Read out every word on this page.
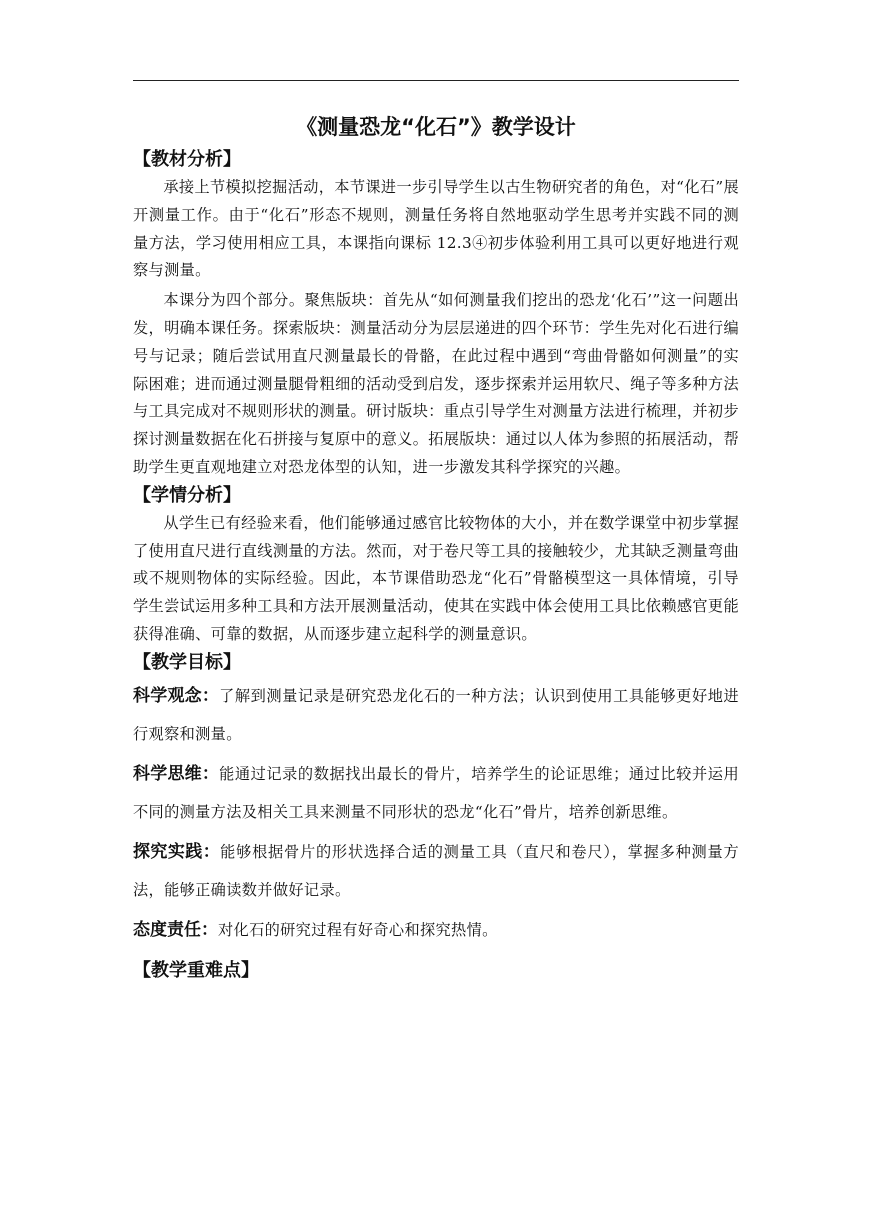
《测量恐龙“化石”》教学设计
【教材分析】

承接上节模拟挖掘活动，本节课进一步引导学生以古生物研究者的角色，对“化石”展开测量工作。由于“化石”形态不规则，测量任务将自然地驱动学生思考并实践不同的测量方法，学习使用相应工具，本课指向课标 12.3④初步体验利用工具可以更好地进行观察与测量。

本课分为四个部分。聚焦版块：首先从“如何测量我们挖出的恐龙‘化石’”这一问题出发，明确本课任务。探索版块：测量活动分为层层递进的四个环节：学生先对化石进行编号与记录；随后尝试用直尺测量最长的骨骼，在此过程中遇到“弯曲骨骼如何测量”的实际困难；进而通过测量腿骨粗细的活动受到启发，逐步探索并运用软尺、绳子等多种方法与工具完成对不规则形状的测量。研讨版块：重点引导学生对测量方法进行梳理，并初步探讨测量数据在化石拼接与复原中的意义。拓展版块：通过以人体为参照的拓展活动，帮助学生更直观地建立对恐龙体型的认知，进一步激发其科学探究的兴趣。

【学情分析】

从学生已有经验来看，他们能够通过感官比较物体的大小，并在数学课堂中初步掌握了使用直尺进行直线测量的方法。然而，对于卷尺等工具的接触较少，尤其缺乏测量弯曲或不规则物体的实际经验。因此，本节课借助恐龙“化石”骨骼模型这一具体情境，引导学生尝试运用多种工具和方法开展测量活动，使其在实践中体会使用工具比依赖感官更能获得准确、可靠的数据，从而逐步建立起科学的测量意识。

【教学目标】

科学观念：了解到测量记录是研究恐龙化石的一种方法；认识到使用工具能够更好地进行观察和测量。

科学思维：能通过记录的数据找出最长的骨片，培养学生的论证思维；通过比较并运用不同的测量方法及相关工具来测量不同形状的恐龙“化石”骨片，培养创新思维。

探究实践：能够根据骨片的形状选择合适的测量工具（直尺和卷尺），掌握多种测量方法，能够正确读数并做好记录。

态度责任：对化石的研究过程有好奇心和探究热情。

【教学重难点】
